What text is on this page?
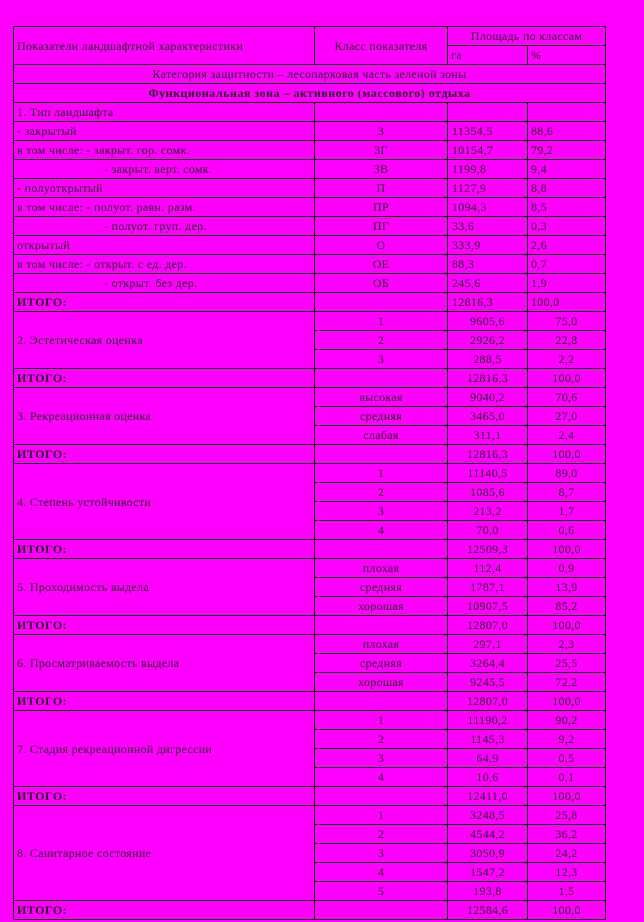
Показатели ландшафтной характеристики	Класс показателя	Площадь по классам	
		га	%
Категория защитности – лесопарковая часть зеленой зоны			
Функциональная зона – активного (массового) отдыха			
1. Тип ландшафта			
- закрытый	З	11354,5	88,6
в том числе: - закрыт. гор. сомк.	ЗГ	10154,7	79,2
- закрыт. верт. сомк.	ЗВ	1199,8	9,4
- полуоткрытый	П	1127,9	8,8
в том числе: - полуот. равн. разм.	ПР	1094,3	8,5
- полуот. груп. дер.	ПГ	33,6	0,3
открытый	О	333,9	2,6
в том числе: - открыт. с ед. дер.	ОЕ	88,3	0,7
- открыт. без дер.	ОБ	245,6	1,9
ИТОГО:		12816,3	100,0
2. Эстетическая оценка	1	9605,6	75,0
	2	2926,2	22,8
	3	288,5	2,2
ИТОГО:		12816,3	100,0
3. Рекреационная оценка	высокая	9040,2	70,6
	средняя	3465,0	27,0
	слабая	311,1	2,4
ИТОГО:		12816,3	100,0
4. Степень устойчивости	1	11140,5	89,0
	2	1085,6	8,7
	3	213,2	1,7
	4	70,0	0,6
ИТОГО:		12509,3	100,0
5. Проходимость выдела	плохая	112,4	0,9
	средняя	1787,1	13,9
	хорошая	10907,5	85,2
ИТОГО:		12807,0	100,0
6. Просматриваемость выдела	плохая	297,1	2,3
	средняя	3264,4	25,5
	хорошая	9245,5	72,2
ИТОГО:		12807,0	100,0
7. Стадия рекреационной дигрессии	1	11190,2	90,2
	2	1145,3	9,2
	3	64,9	0,5
	4	10,6	0,1
ИТОГО:		12411,0	100,0
8. Санитарное состояние	1	3248,5	25,8
	2	4544,2	36,2
	3	3050,9	24,2
	4	1547,2	12,3
	5	193,8	1,5
ИТОГО:		12584,6	100,0
